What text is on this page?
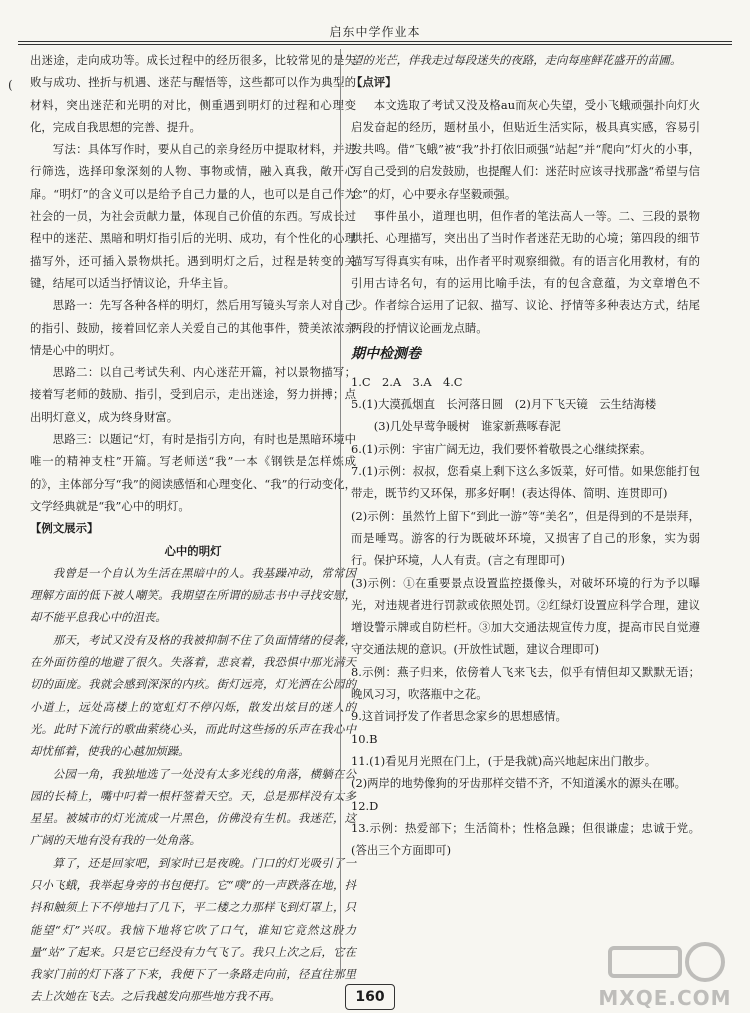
启东中学作业本
(

出迷途，走向成功等。成长过程中的经历很多，比较常见的是失败与成功、挫折与机遇、迷茫与醒悟等，这些都可以作为典型的材料，突出迷茫和光明的对比，侧重遇到明灯的过程和心理变化，完成自我思想的完善、提升。

写法：具体写作时，要从自己的亲身经历中提取材料，并进行筛选，选择印象深刻的人物、事物或情，融入真我，敞开心扉。“明灯”的含义可以是给予自己力量的人，也可以是自己作为社会的一员，为社会贡献力量，体现自己价值的东西。写成长过程中的迷茫、黑暗和明灯指引后的光明、成功，有个性化的心理描写外，还可插入景物烘托。遇到明灯之后，过程是转变的关键，结尾可以适当抒情议论，升华主旨。

思路一：先写各种各样的明灯，然后用写镜头写亲人对自己的指引、鼓励，接着回忆亲人关爱自己的其他事件，赞美浓浓亲情是心中的明灯。

思路二：以自己考试失利、内心迷茫开篇，衬以景物描写；接着写老师的鼓励、指引，受到启示，走出迷途，努力拼搏；点出明灯意义，成为终身财富。

思路三：以题记“灯，有时是指引方向，有时也是黑暗环境中唯一的精神支柱”开篇。写老师送“我”一本《钢铁是怎样炼成的》，主体部分写“我”的阅读感悟和心理变化、“我”的行动变化，文学经典就是“我”心中的明灯。

【例文展示】

心中的明灯

我曾是一个自认为生活在黑暗中的人。我基躁冲动，常常因理解方面的低下被人嘲笑。我期望在所谓的励志书中寻找安慰，却不能平息我心中的沮丧。

那天，考试又没有及格的我被抑制不住了负面情绪的侵袭，在外面彷徨的地避了很久。失落着，悲哀着，我恐惧中那光满天切的面庞。我就会感到深深的内疚。街灯远亮，灯光洒在公园的小道上，远处高楼上的宽虹灯不停闪烁，散发出炫目的迷人的光。此时下流行的歌曲萦绕心头，而此时这些扬的乐声在我心中却忧郁着，使我的心越加烦躁。

公园一角，我独地选了一处没有太多光线的角落，横躺在公园的长椅上，嘴中叼着一根杆签着天空。天，总是那样没有太多星星。被城市的灯光流成一片黑色，仿佛没有生机。我迷茫，这广阔的天地有没有我的一处角落。

算了，还是回家吧，到家时已是夜晚。门口的灯光吸引了一只小飞蛾，我举起身旁的书包便打。它“噗”的一声跌落在地，抖抖和触须上下不停地扫了几下，平二楼之力那样飞到灯罩上，只能望“灯”兴叹。我恼下地将它吹了口气，谁知它竟然这股力量“站”了起来。只是它已经没有力气飞了。我只上次之后，它在我家门前的灯下落了下来，我便下了一条路走向前，径直往那里去上次她在飞去。之后我越发向那些地方我不再。

望的光芒，伴我走过每段迷失的夜路，走向每座鲜花盛开的苗圃。

【点评】

本文选取了考试又没及格au而灰心失望，受小飞蛾顽强扑向灯火启发奋起的经历，题材虽小，但贴近生活实际，极具真实感，容易引发共鸣。借“飞蛾”被“我”扑打依旧顽强“站起”并“爬向”灯火的小事，写自己受到的启发鼓励，也提醒人们：迷茫时应该寻找那盏“希望与信念”的灯，心中要永存坚毅顽强。

事件虽小，道理也明，但作者的笔法高人一等。二、三段的景物烘托、心理描写，突出出了当时作者迷茫无助的心境；第四段的细节描写写得真实有味，出作者平时观察细微。有的语言化用教材，有的引用古诗名句，有的运用比喻手法，有的包含意蕴，为文章增色不少。作者综合运用了记叙、描写、议论、抒情等多种表达方式，结尾两段的抒情议论画龙点睛。

期中检测卷

1.C　2.A　3.A　4.C

5.(1)大漠孤烟直　长河落日圆　(2)月下飞天镜　云生结海楼

(3)几处早莺争暖树　谁家新燕啄春泥

6.(1)示例：宇宙广阔无边，我们要怀着敬畏之心继续探索。

7.(1)示例：叔叔，您看桌上剩下这么多饭菜，好可惜。如果您能打包带走，既节约又环保，那多好啊！(表达得体、简明、连贯即可)

(2)示例：虽然竹上留下“到此一游”等“美名”，但是得到的不是崇拜，而是唾骂。游客的行为既破坏环境，又损害了自己的形象，实为弱行。保护环境，人人有责。(言之有理即可)

(3)示例：①在重要景点设置监控摄像头，对破坏环境的行为予以曝光，对违规者进行罚款或依照处罚。②红绿灯设置应科学合理，建议增设警示牌或自防栏杆。③加大交通法规宣传力度，提高市民自觉遵守交通法规的意识。(开放性试题，建议合理即可)

8.示例：燕子归来，依傍着人飞来飞去，似乎有情但却又默默无语；晚风习习，吹落瓶中之花。

9.这首词抒发了作者思念家乡的思想感情。

10.B

11.(1)看见月光照在门上，(于是我就)高兴地起床出门散步。

(2)两岸的地势像狗的牙齿那样交错不齐，不知道溪水的源头在哪。

12.D

13.示例：热爱部下；生活简朴；性格急躁；但很谦虚；忠诚于党。(答出三个方面即可)

160	MXQE.COM
